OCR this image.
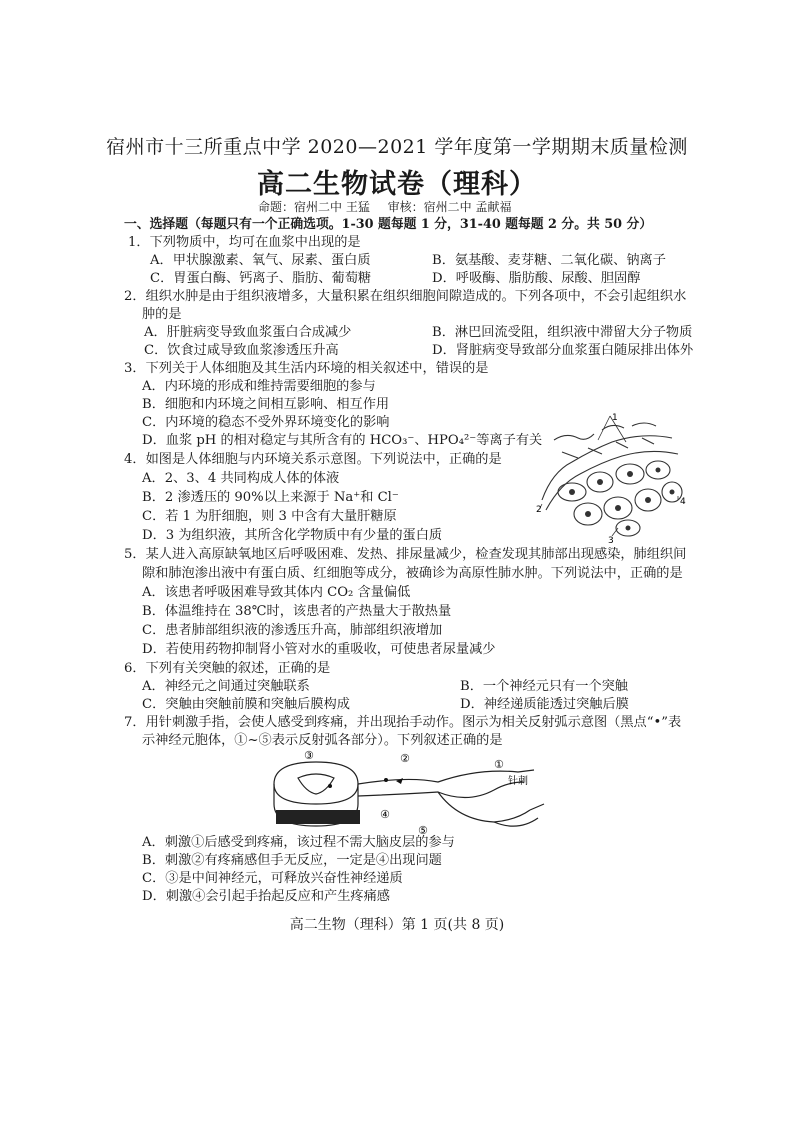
宿州市十三所重点中学 2020—2021 学年度第一学期期末质量检测
高二生物试卷（理科）
命题：宿州二中 王猛 审核：宿州二中 孟献福
一、选择题（每题只有一个正确选项。1-30 题每题 1 分，31-40 题每题 2 分。共 50 分）
1．下列物质中，均可在血浆中出现的是
A．甲状腺激素、氧气、尿素、蛋白质	B．氨基酸、麦芽糖、二氧化碳、钠离子
C．胃蛋白酶、钙离子、脂肪、葡萄糖	D．呼吸酶、脂肪酸、尿酸、胆固醇
2．组织水肿是由于组织液增多，大量积累在组织细胞间隙造成的。下列各项中，不会引起组织水
肿的是
A．肝脏病变导致血浆蛋白合成减少	B．淋巴回流受阻，组织液中滞留大分子物质
C．饮食过咸导致血浆渗透压升高	D．肾脏病变导致部分血浆蛋白随尿排出体外
3．下列关于人体细胞及其生活内环境的相关叙述中，错误的是
A．内环境的形成和维持需要细胞的参与
B．细胞和内环境之间相互影响、相互作用
C．内环境的稳态不受外界环境变化的影响
D．血浆 pH 的相对稳定与其所含有的 HCO₃⁻、HPO₄²⁻等离子有关
4．如图是人体细胞与内环境关系示意图。下列说法中，正确的是
A．2、3、4 共同构成人体的体液
B．2 渗透压的 90%以上来源于 Na⁺和 Cl⁻
C．若 1 为肝细胞，则 3 中含有大量肝糖原
D．3 为组织液，其所含化学物质中有少量的蛋白质
1
2
3
4
5．某人进入高原缺氧地区后呼吸困难、发热、排尿量减少，检查发现其肺部出现感染，肺组织间
隙和肺泡渗出液中有蛋白质、红细胞等成分，被确诊为高原性肺水肿。下列说法中，正确的是
A．该患者呼吸困难导致其体内 CO₂ 含量偏低
B．体温维持在 38℃时，该患者的产热量大于散热量
C．患者肺部组织液的渗透压升高，肺部组织液增加
D．若使用药物抑制肾小管对水的重吸收，可使患者尿量减少
6．下列有关突触的叙述，正确的是
A．神经元之间通过突触联系	B．一个神经元只有一个突触
C．突触由突触前膜和突触后膜构成	D．神经递质能透过突触后膜
7．用针刺激手指，会使人感受到疼痛，并出现抬手动作。图示为相关反射弧示意图（黑点“•”表
示神经元胞体，①~⑤表示反射弧各部分）。下列叙述正确的是
③	②	①
针刺
④
⑤
A．刺激①后感受到疼痛，该过程不需大脑皮层的参与
B．刺激②有疼痛感但手无反应，一定是④出现问题
C．③是中间神经元，可释放兴奋性神经递质
D．刺激④会引起手抬起反应和产生疼痛感
高二生物（理科）第 1 页(共 8 页)
